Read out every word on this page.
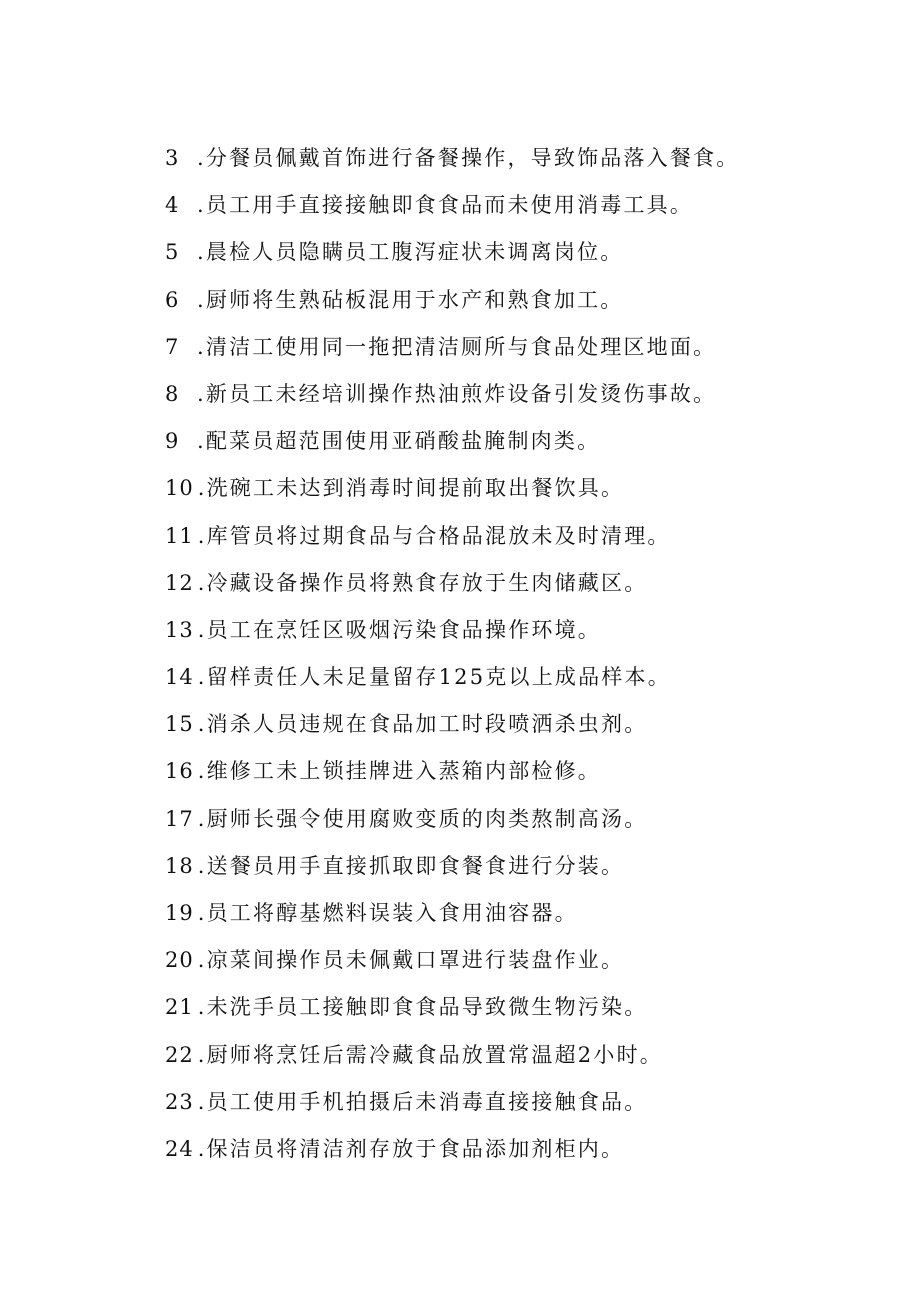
3 .分餐员佩戴首饰进行备餐操作，导致饰品落入餐食。
4 .员工用手直接接触即食食品而未使用消毒工具。
5 .晨检人员隐瞒员工腹泻症状未调离岗位。
6 .厨师将生熟砧板混用于水产和熟食加工。
7 .清洁工使用同一拖把清洁厕所与食品处理区地面。
8 .新员工未经培训操作热油煎炸设备引发烫伤事故。
9 .配菜员超范围使用亚硝酸盐腌制肉类。
10 .洗碗工未达到消毒时间提前取出餐饮具。
11 .库管员将过期食品与合格品混放未及时清理。
12 .冷藏设备操作员将熟食存放于生肉储藏区。
13 .员工在烹饪区吸烟污染食品操作环境。
14 .留样责任人未足量留存125克以上成品样本。
15 .消杀人员违规在食品加工时段喷洒杀虫剂。
16 .维修工未上锁挂牌进入蒸箱内部检修。
17 .厨师长强令使用腐败变质的肉类熬制高汤。
18 .送餐员用手直接抓取即食餐食进行分装。
19 .员工将醇基燃料误装入食用油容器。
20 .凉菜间操作员未佩戴口罩进行装盘作业。
21 .未洗手员工接触即食食品导致微生物污染。
22 .厨师将烹饪后需冷藏食品放置常温超2小时。
23 .员工使用手机拍摄后未消毒直接接触食品。
24 .保洁员将清洁剂存放于食品添加剂柜内。
